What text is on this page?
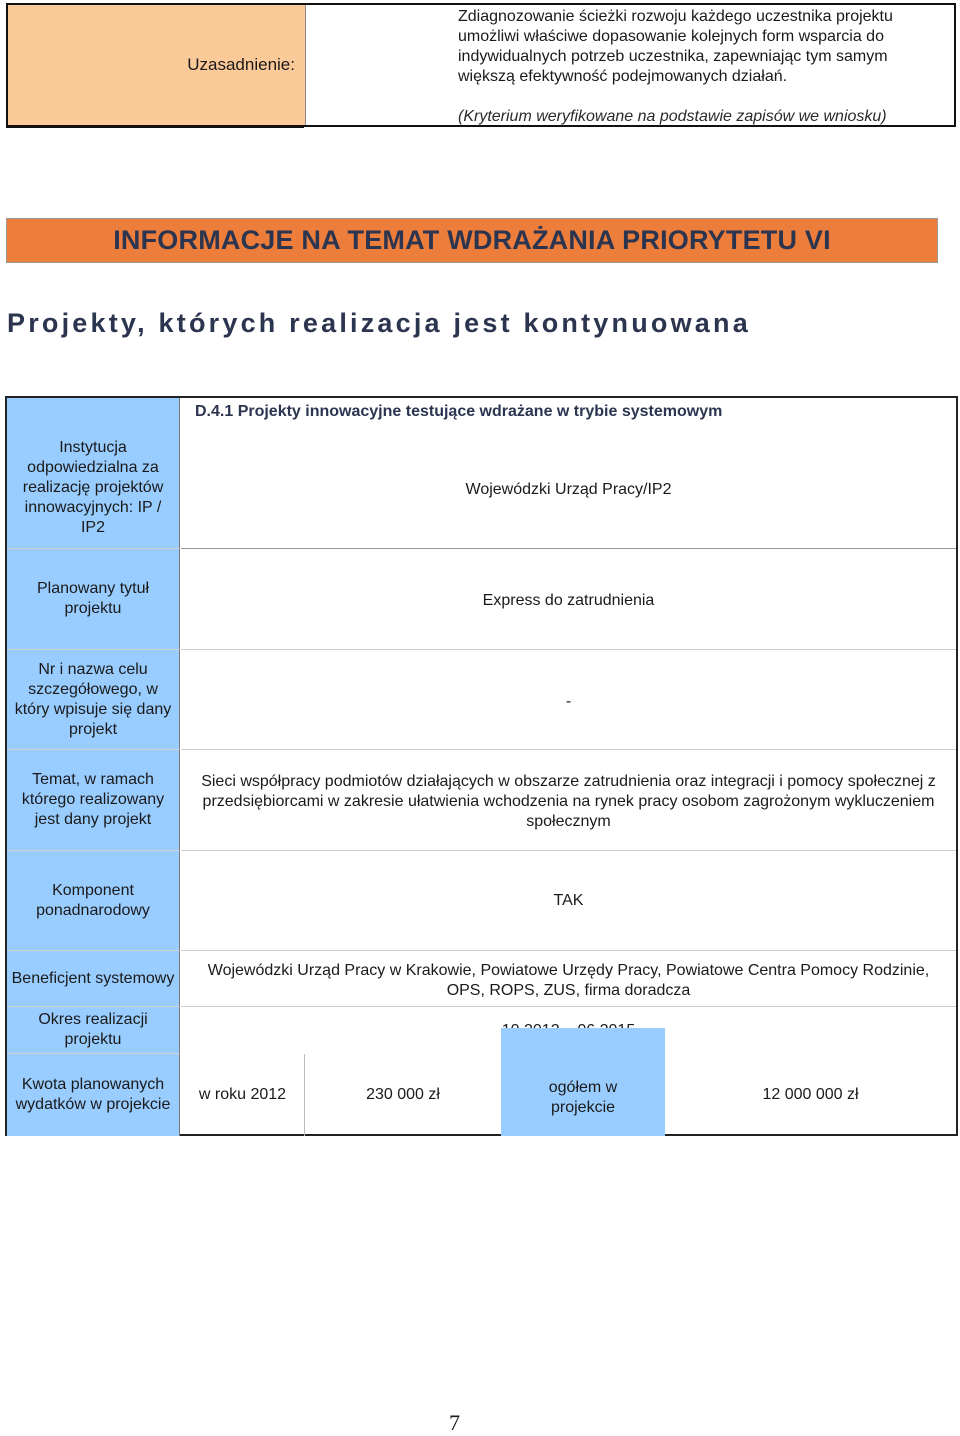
Uzasadnienie:
Zdiagnozowanie ścieżki rozwoju każdego uczestnika projektu
umożliwi właściwe dopasowanie kolejnych form wsparcia do
indywidualnych potrzeb uczestnika, zapewniając tym samym
większą efektywność podejmowanych działań.
(Kryterium weryfikowane na podstawie zapisów we wniosku)
INFORMACJE NA TEMAT WDRAŻANIA PRIORYTETU VI
Projekty, których realizacja jest kontynuowana
Instytucja odpowiedzialna za realizację projektów innowacyjnych: IP / IP2
Planowany tytuł projektu
Nr i nazwa celu szczegółowego, w który wpisuje się dany projekt
Temat, w ramach którego realizowany jest dany projekt
Komponent ponadnarodowy
Beneficjent systemowy
Okres realizacji projektu
Kwota planowanych wydatków w projekcie
D.4.1 Projekty innowacyjne testujące wdrażane w trybie systemowym
Wojewódzki Urząd Pracy/IP2
Express do zatrudnienia
-
Sieci współpracy podmiotów działających w obszarze zatrudnienia oraz integracji i pomocy społecznej z przedsiębiorcami w zakresie ułatwienia wchodzenia na rynek pracy osobom zagrożonym wykluczeniem społecznym
TAK
Wojewódzki Urząd Pracy w Krakowie, Powiatowe Urzędy Pracy, Powiatowe Centra Pomocy Rodzinie, OPS, ROPS, ZUS, firma doradcza
w roku 2012	230 000 zł	ogółem w projekcie
12 000 000 zł
7
